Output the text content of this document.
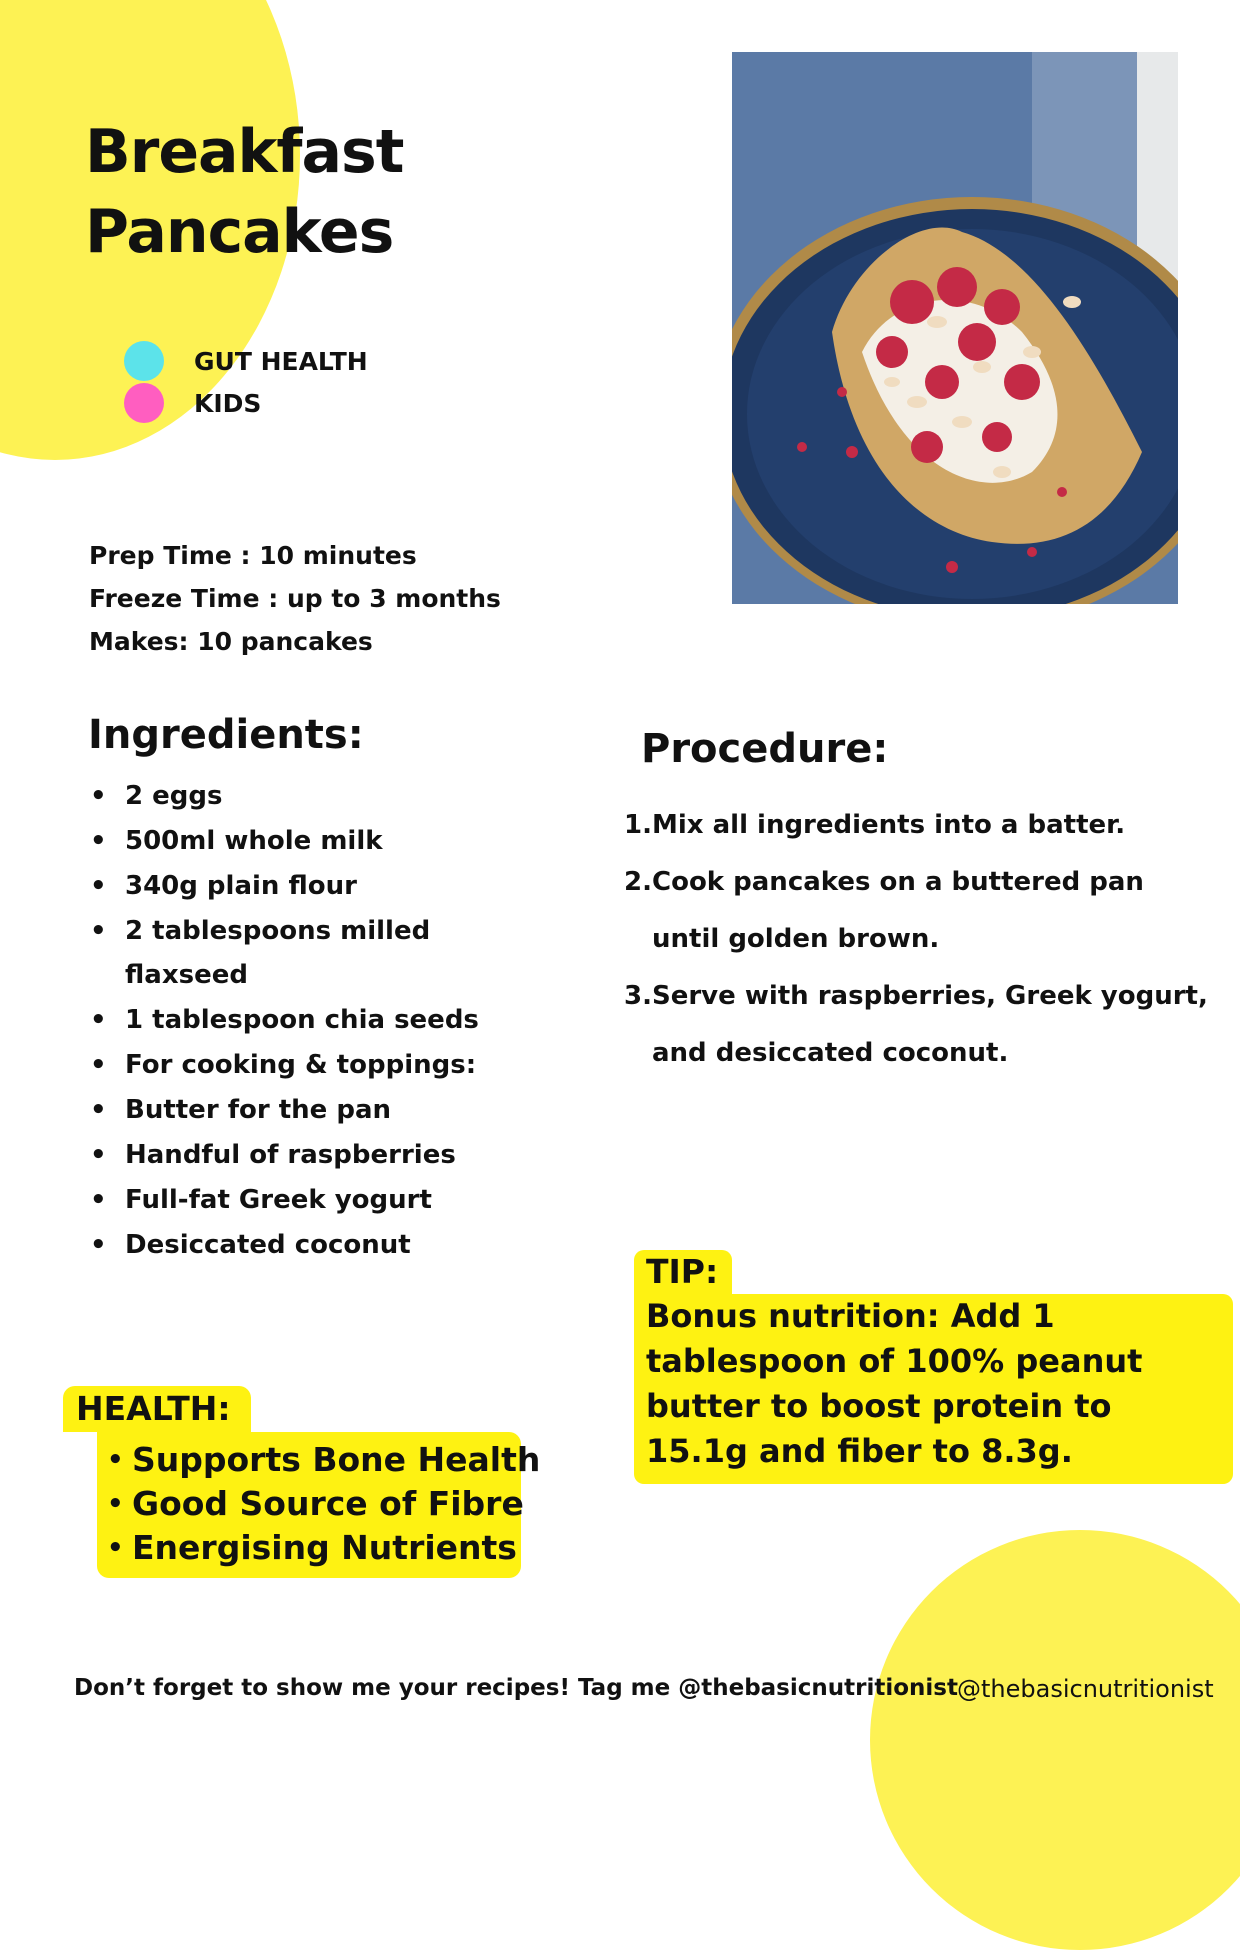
Breakfast
Pancakes
GUT HEALTH
KIDS
Prep Time : 10 minutes
Freeze Time : up to 3 months
Makes: 10 pancakes
Ingredients:
• 2 eggs
• 500ml whole milk
• 340g plain flour
• 2 tablespoons milled flaxseed
• 1 tablespoon chia seeds
• For cooking & toppings:
• Butter for the pan
• Handful of raspberries
• Full-fat Greek yogurt
• Desiccated coconut
Procedure:
1. Mix all ingredients into a batter.
2. Cook pancakes on a buttered pan until golden brown.
3. Serve with raspberries, Greek yogurt, and desiccated coconut.
TIP:
Bonus nutrition: Add 1 tablespoon of 100% peanut butter to boost protein to 15.1g and fiber to 8.3g.
HEALTH:
• Supports Bone Health
• Good Source of Fibre
• Energising Nutrients
Don’t forget to show me your recipes! Tag me @thebasicnutritionist @thebasicnutritionist
